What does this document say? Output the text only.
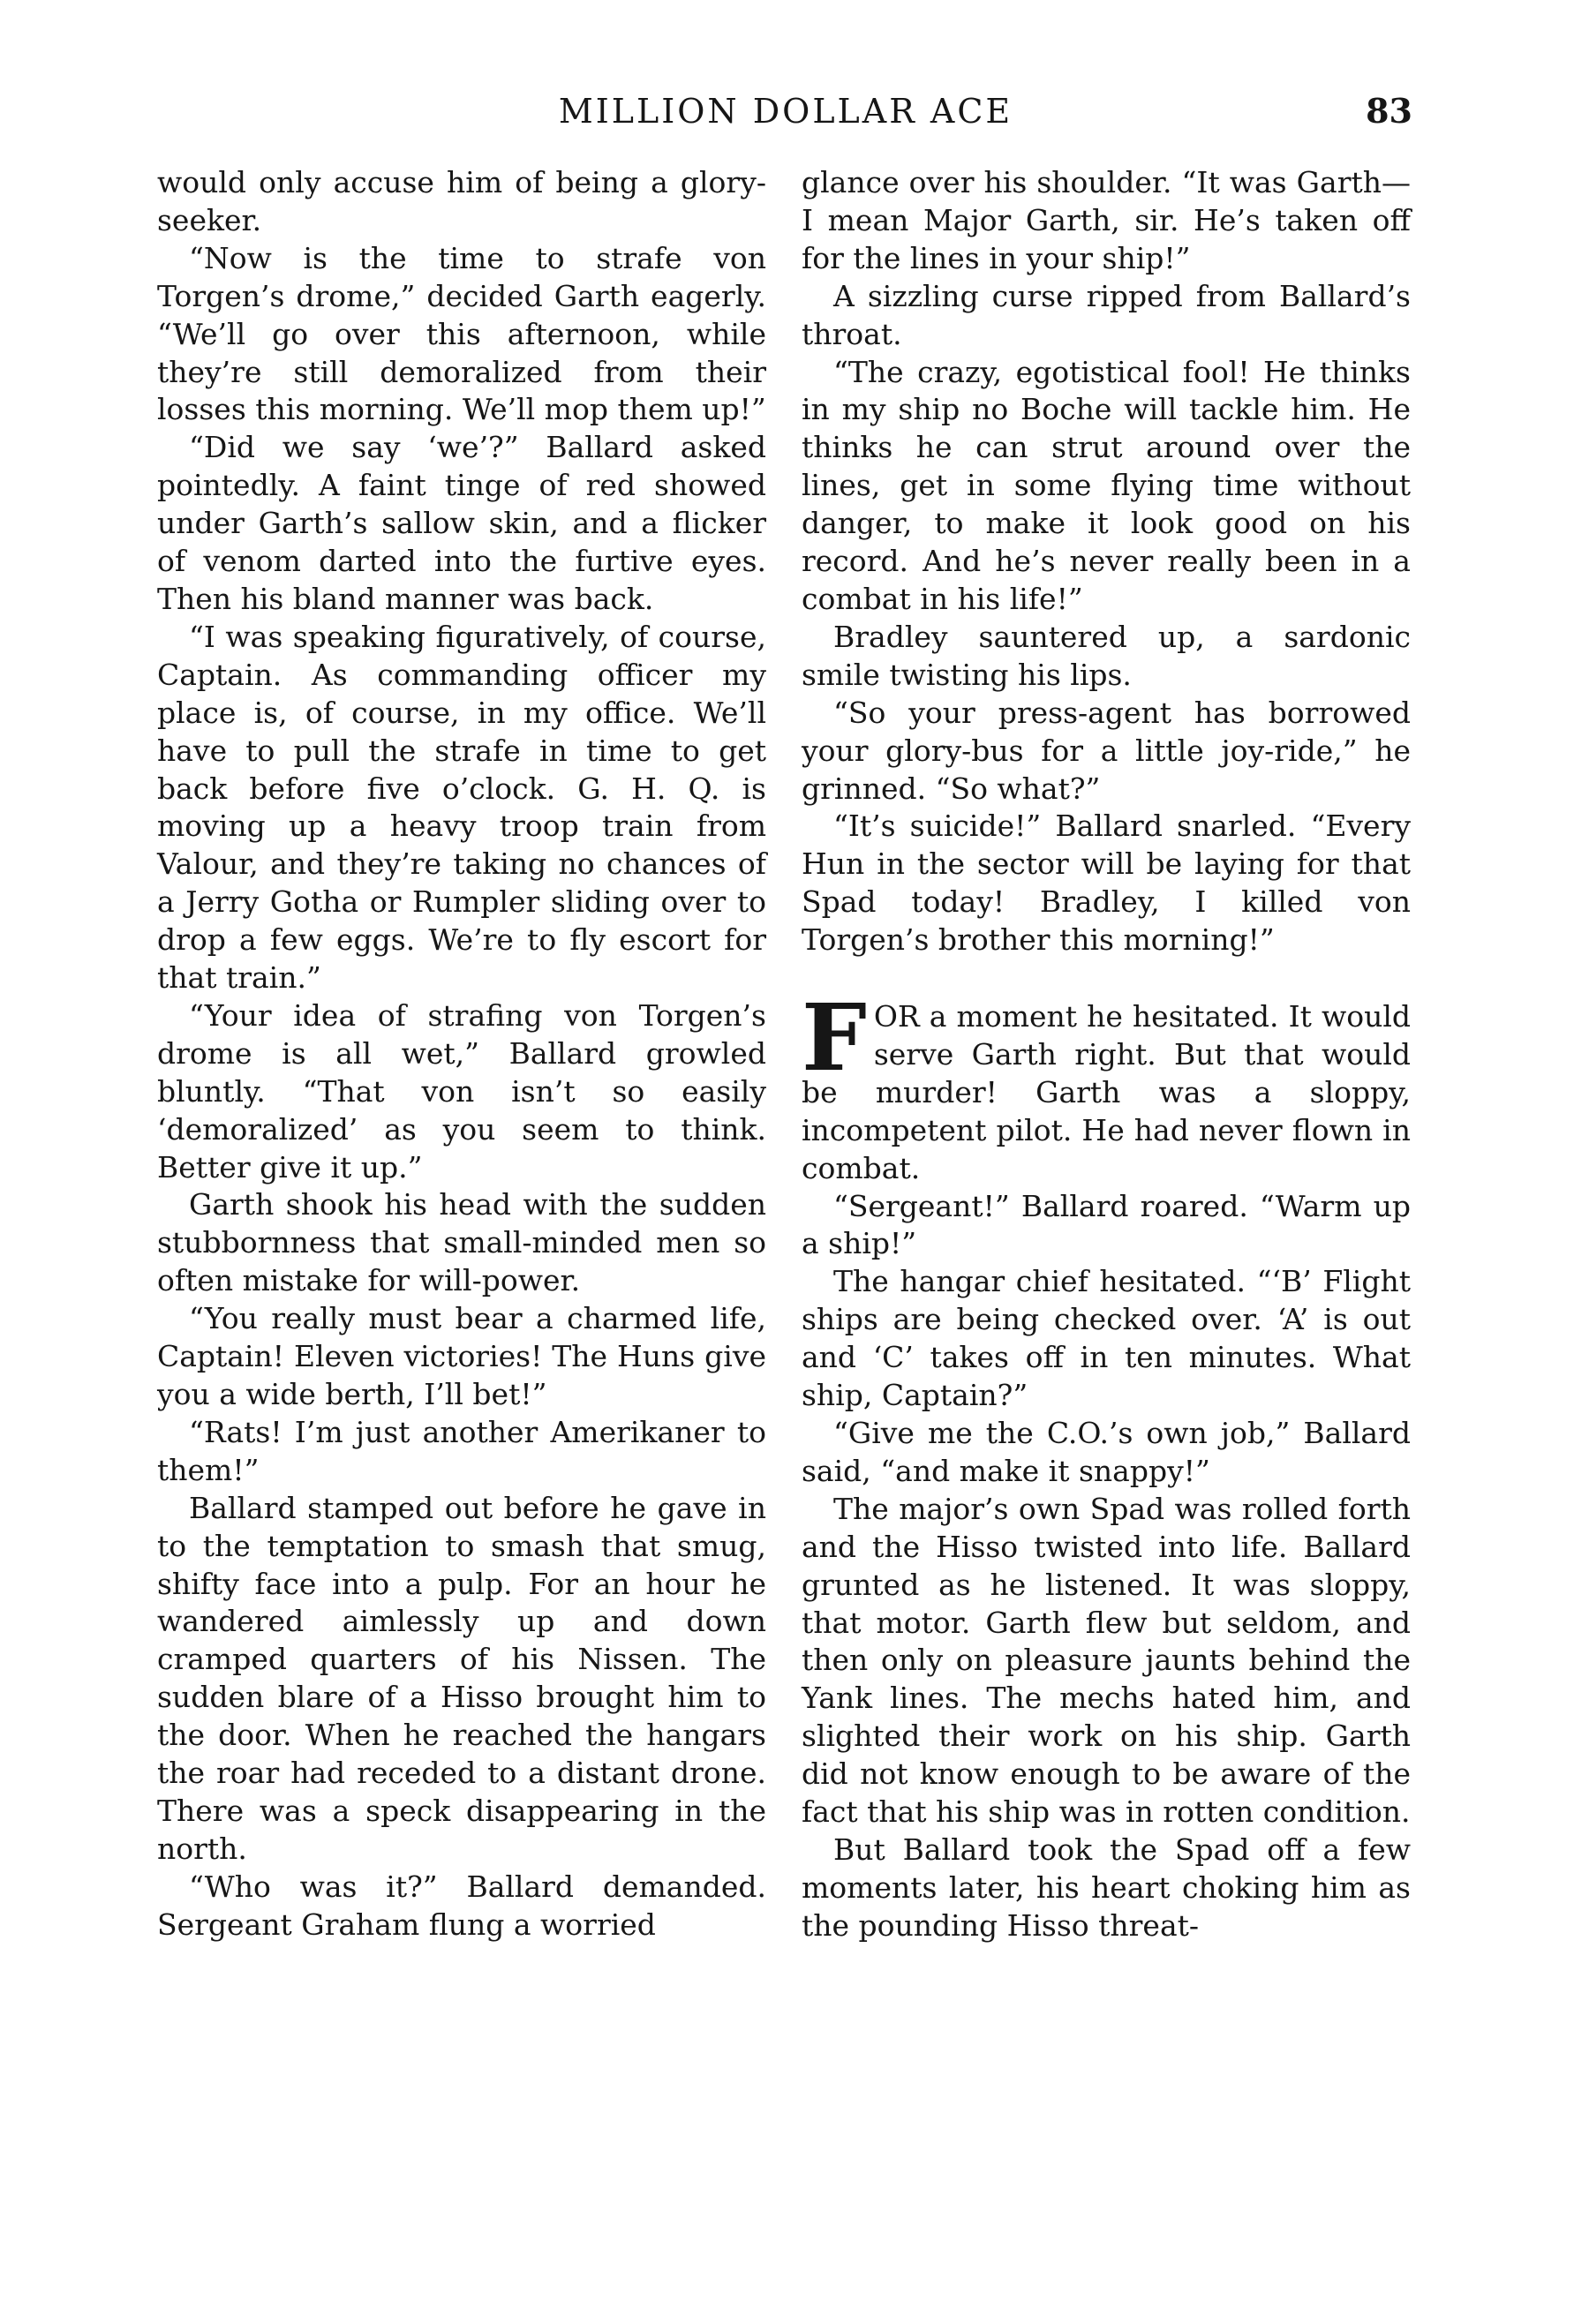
MILLION DOLLAR ACE	83

would only accuse him of being a glory-seeker.

“Now is the time to strafe von Torgen’s drome,” decided Garth eagerly. “We’ll go over this afternoon, while they’re still demoralized from their losses this morning. We’ll mop them up!”

“Did we say ‘we’?” Ballard asked pointedly. A faint tinge of red showed under Garth’s sallow skin, and a flicker of venom darted into the furtive eyes. Then his bland manner was back.

“I was speaking figuratively, of course, Captain. As commanding officer my place is, of course, in my office. We’ll have to pull the strafe in time to get back before five o’clock. G. H. Q. is moving up a heavy troop train from Valour, and they’re taking no chances of a Jerry Gotha or Rumpler sliding over to drop a few eggs. We’re to fly escort for that train.”

“Your idea of strafing von Torgen’s drome is all wet,” Ballard growled bluntly. “That von isn’t so easily ‘demoralized’ as you seem to think. Better give it up.”

Garth shook his head with the sudden stubbornness that small-minded men so often mistake for will-power.

“You really must bear a charmed life, Captain! Eleven victories! The Huns give you a wide berth, I’ll bet!”

“Rats! I’m just another Amerikaner to them!”

Ballard stamped out before he gave in to the temptation to smash that smug, shifty face into a pulp. For an hour he wandered aimlessly up and down cramped quarters of his Nissen. The sudden blare of a Hisso brought him to the door. When he reached the hangars the roar had receded to a distant drone. There was a speck disappearing in the north.

“Who was it?” Ballard demanded. Sergeant Graham flung a worried

glance over his shoulder. “It was Garth— I mean Major Garth, sir. He’s taken off for the lines in your ship!”

A sizzling curse ripped from Ballard’s throat.

“The crazy, egotistical fool! He thinks in my ship no Boche will tackle him. He thinks he can strut around over the lines, get in some flying time without danger, to make it look good on his record. And he’s never really been in a combat in his life!”

Bradley sauntered up, a sardonic smile twisting his lips.

“So your press-agent has borrowed your glory-bus for a little joy-ride,” he grinned. “So what?”

“It’s suicide!” Ballard snarled. “Every Hun in the sector will be laying for that Spad today! Bradley, I killed von Torgen’s brother this morning!”

FOR a moment he hesitated. It would serve Garth right. But that would be murder! Garth was a sloppy, incompetent pilot. He had never flown in combat.

“Sergeant!” Ballard roared. “Warm up a ship!”

The hangar chief hesitated. “‘B’ Flight ships are being checked over. ‘A’ is out and ‘C’ takes off in ten minutes. What ship, Captain?”

“Give me the C.O.’s own job,” Ballard said, “and make it snappy!”

The major’s own Spad was rolled forth and the Hisso twisted into life. Ballard grunted as he listened. It was sloppy, that motor. Garth flew but seldom, and then only on pleasure jaunts behind the Yank lines. The mechs hated him, and slighted their work on his ship. Garth did not know enough to be aware of the fact that his ship was in rotten condition.

But Ballard took the Spad off a few moments later, his heart choking him as the pounding Hisso threat-
